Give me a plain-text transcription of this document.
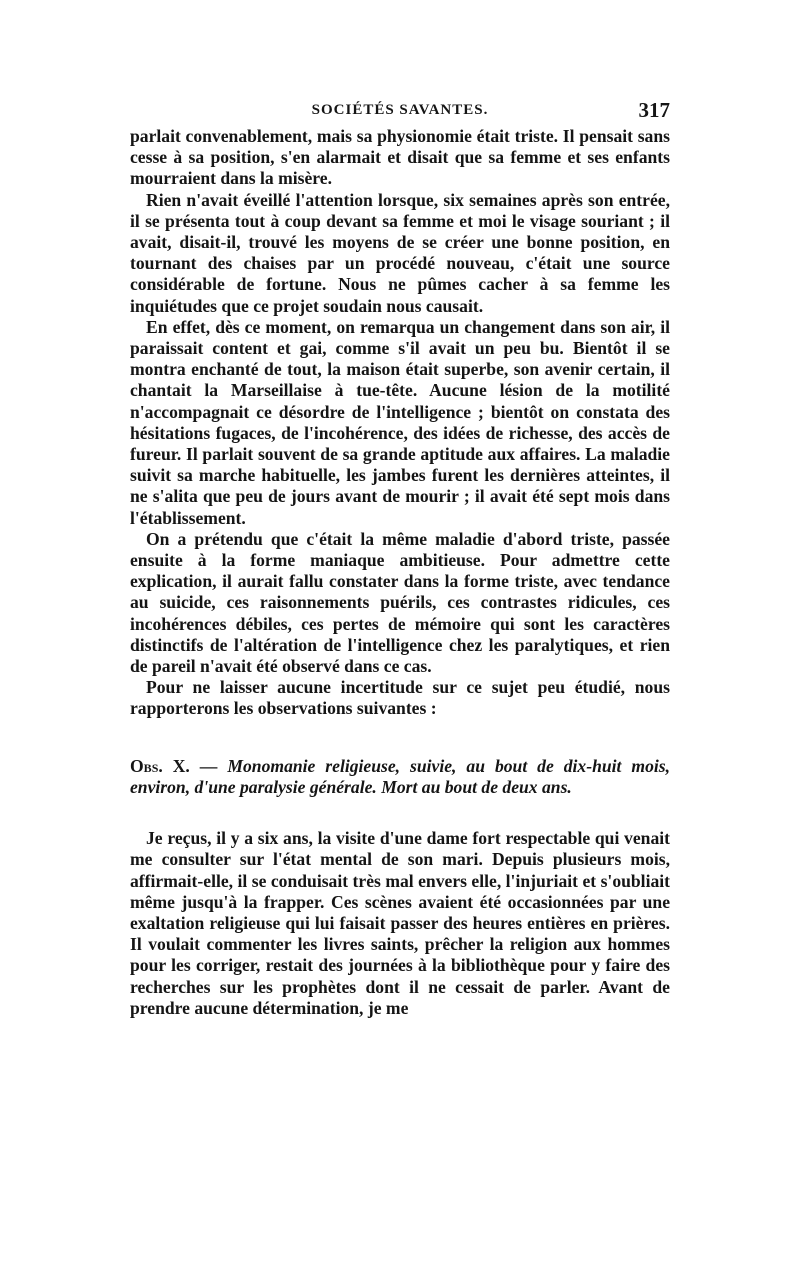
SOCIÉTÉS SAVANTES.	317

parlait convenablement, mais sa physionomie était triste. Il pensait sans cesse à sa position, s'en alarmait et disait que sa femme et ses enfants mourraient dans la misère.

Rien n'avait éveillé l'attention lorsque, six semaines après son entrée, il se présenta tout à coup devant sa femme et moi le visage souriant ; il avait, disait-il, trouvé les moyens de se créer une bonne position, en tournant des chaises par un procédé nouveau, c'était une source considérable de fortune. Nous ne pûmes cacher à sa femme les inquiétudes que ce projet soudain nous causait.

En effet, dès ce moment, on remarqua un changement dans son air, il paraissait content et gai, comme s'il avait un peu bu. Bientôt il se montra enchanté de tout, la maison était superbe, son avenir certain, il chantait la Marseillaise à tue-tête. Aucune lésion de la motilité n'accompagnait ce désordre de l'intelligence ; bientôt on constata des hésitations fugaces, de l'incohérence, des idées de richesse, des accès de fureur. Il parlait souvent de sa grande aptitude aux affaires. La maladie suivit sa marche habituelle, les jambes furent les dernières atteintes, il ne s'alita que peu de jours avant de mourir ; il avait été sept mois dans l'établissement.

On a prétendu que c'était la même maladie d'abord triste, passée ensuite à la forme maniaque ambitieuse. Pour admettre cette explication, il aurait fallu constater dans la forme triste, avec tendance au suicide, ces raisonnements puérils, ces contrastes ridicules, ces incohérences débiles, ces pertes de mémoire qui sont les caractères distinctifs de l'altération de l'intelligence chez les paralytiques, et rien de pareil n'avait été observé dans ce cas.

Pour ne laisser aucune incertitude sur ce sujet peu étudié, nous rapporterons les observations suivantes :

Obs. X. — Monomanie religieuse, suivie, au bout de dix-huit mois, environ, d'une paralysie générale. Mort au bout de deux ans.

Je reçus, il y a six ans, la visite d'une dame fort respectable qui venait me consulter sur l'état mental de son mari. Depuis plusieurs mois, affirmait-elle, il se conduisait très mal envers elle, l'injuriait et s'oubliait même jusqu'à la frapper. Ces scènes avaient été occasionnées par une exaltation religieuse qui lui faisait passer des heures entières en prières. Il voulait commenter les livres saints, prêcher la religion aux hommes pour les corriger, restait des journées à la bibliothèque pour y faire des recherches sur les prophètes dont il ne cessait de parler. Avant de prendre aucune détermination, je me
